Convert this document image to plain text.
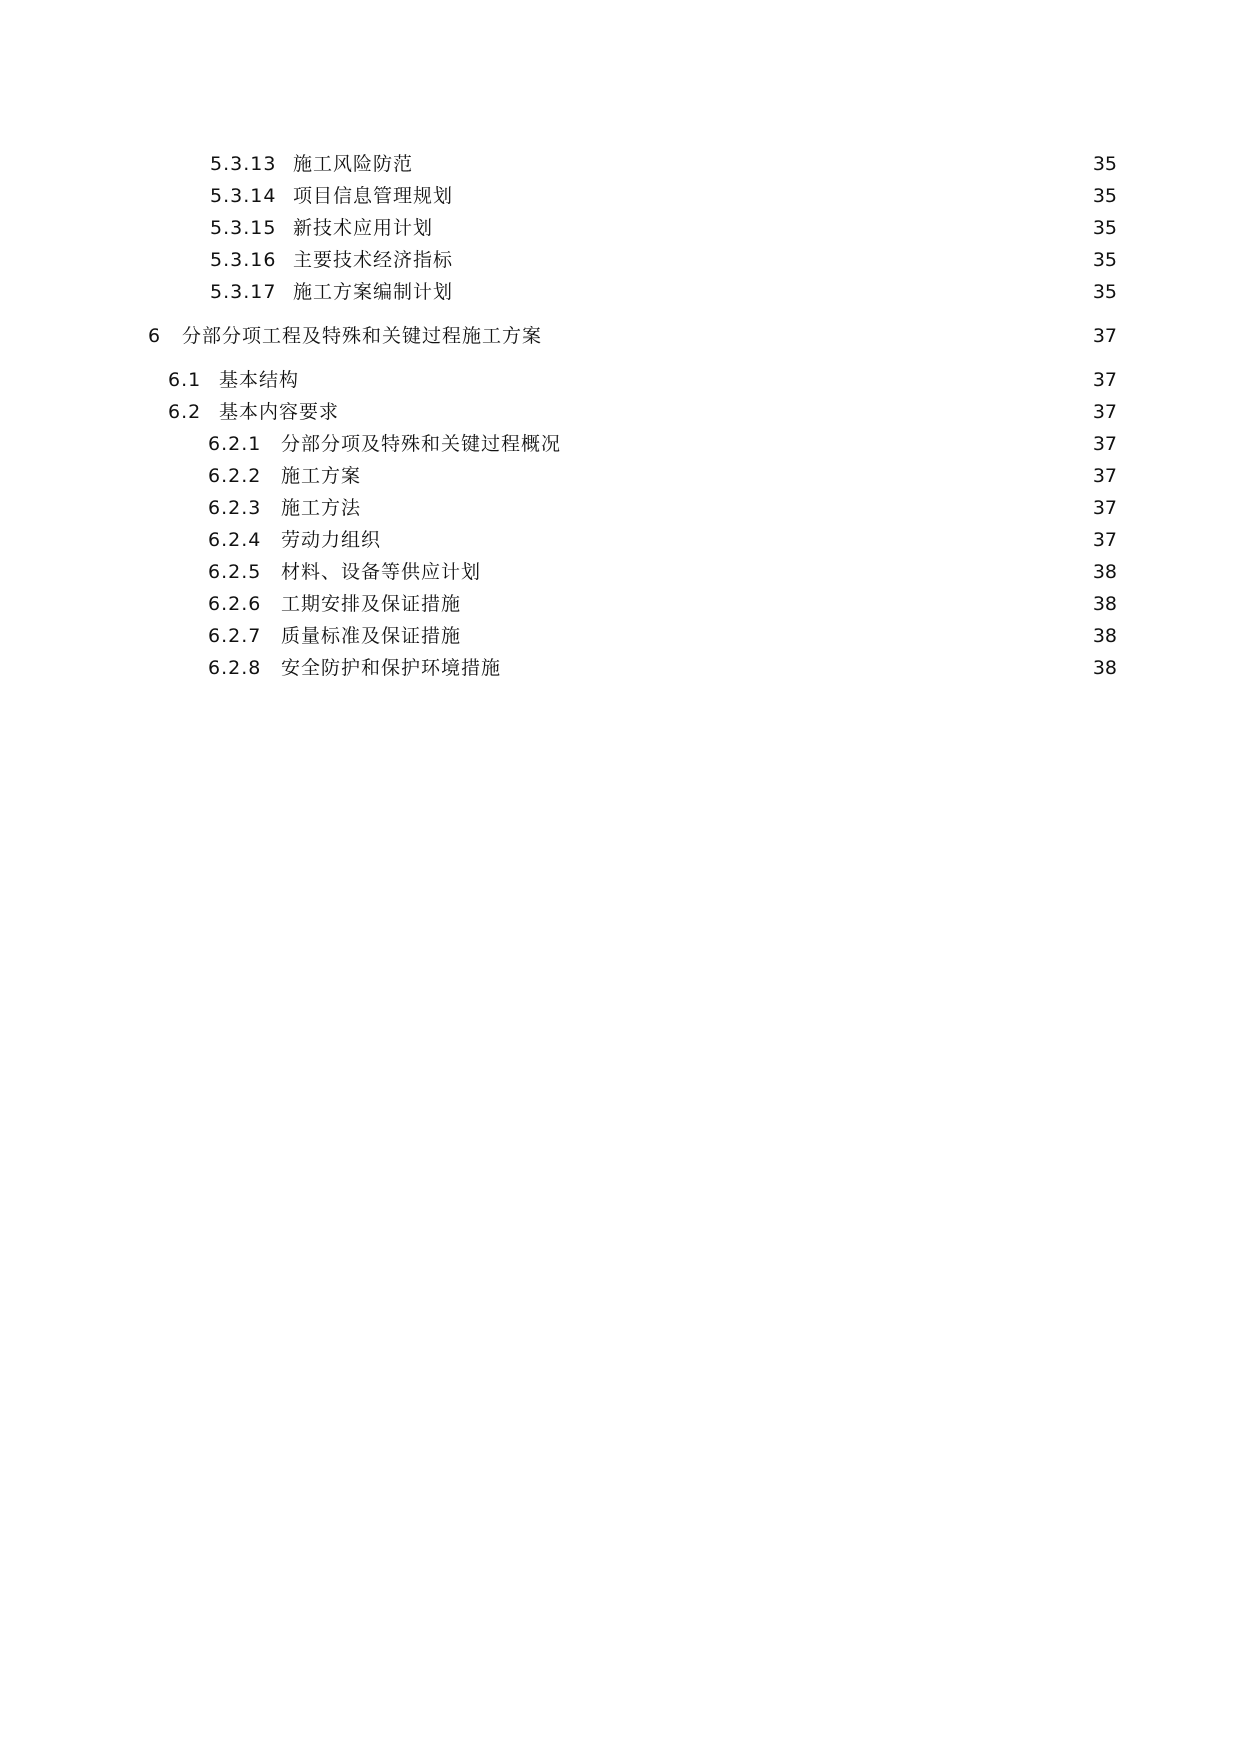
5.3.13 施工风险防范	35
5.3.14 项目信息管理规划	35
5.3.15 新技术应用计划	35
5.3.16 主要技术经济指标	35
5.3.17 施工方案编制计划	35
6	分部分项工程及特殊和关键过程施工方案	37
6.1 基本结构	37
6.2 基本内容要求	37
6.2.1	分部分项及特殊和关键过程概况	37
6.2.2	施工方案	37
6.2.3	施工方法	37
6.2.4	劳动力组织	37
6.2.5	材料、设备等供应计划	38
6.2.6	工期安排及保证措施	38
6.2.7	质量标准及保证措施	38
6.2.8	安全防护和保护环境措施	38
